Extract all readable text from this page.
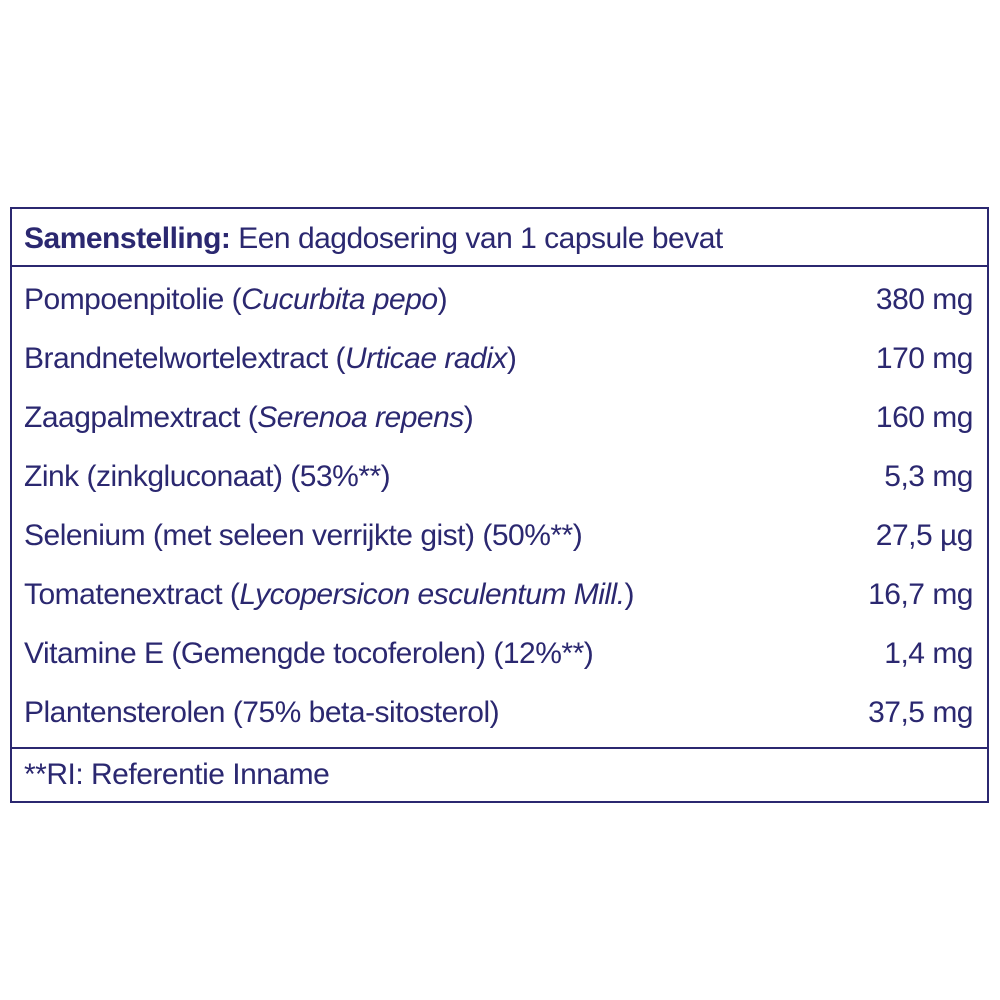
Samenstelling: Een dagdosering van 1 capsule bevat
Pompoenpitolie (Cucurbita pepo)	380 mg
Brandnetelwortelextract (Urticae radix)	170 mg
Zaagpalmextract (Serenoa repens)	160 mg
Zink (zinkgluconaat) (53%**)	5,3 mg
Selenium (met seleen verrijkte gist) (50%**)	27,5 µg
Tomatenextract (Lycopersicon esculentum Mill.)	16,7 mg
Vitamine E (Gemengde tocoferolen) (12%**)	1,4 mg
Plantensterolen (75% beta-sitosterol)	37,5 mg
**RI: Referentie Inname
